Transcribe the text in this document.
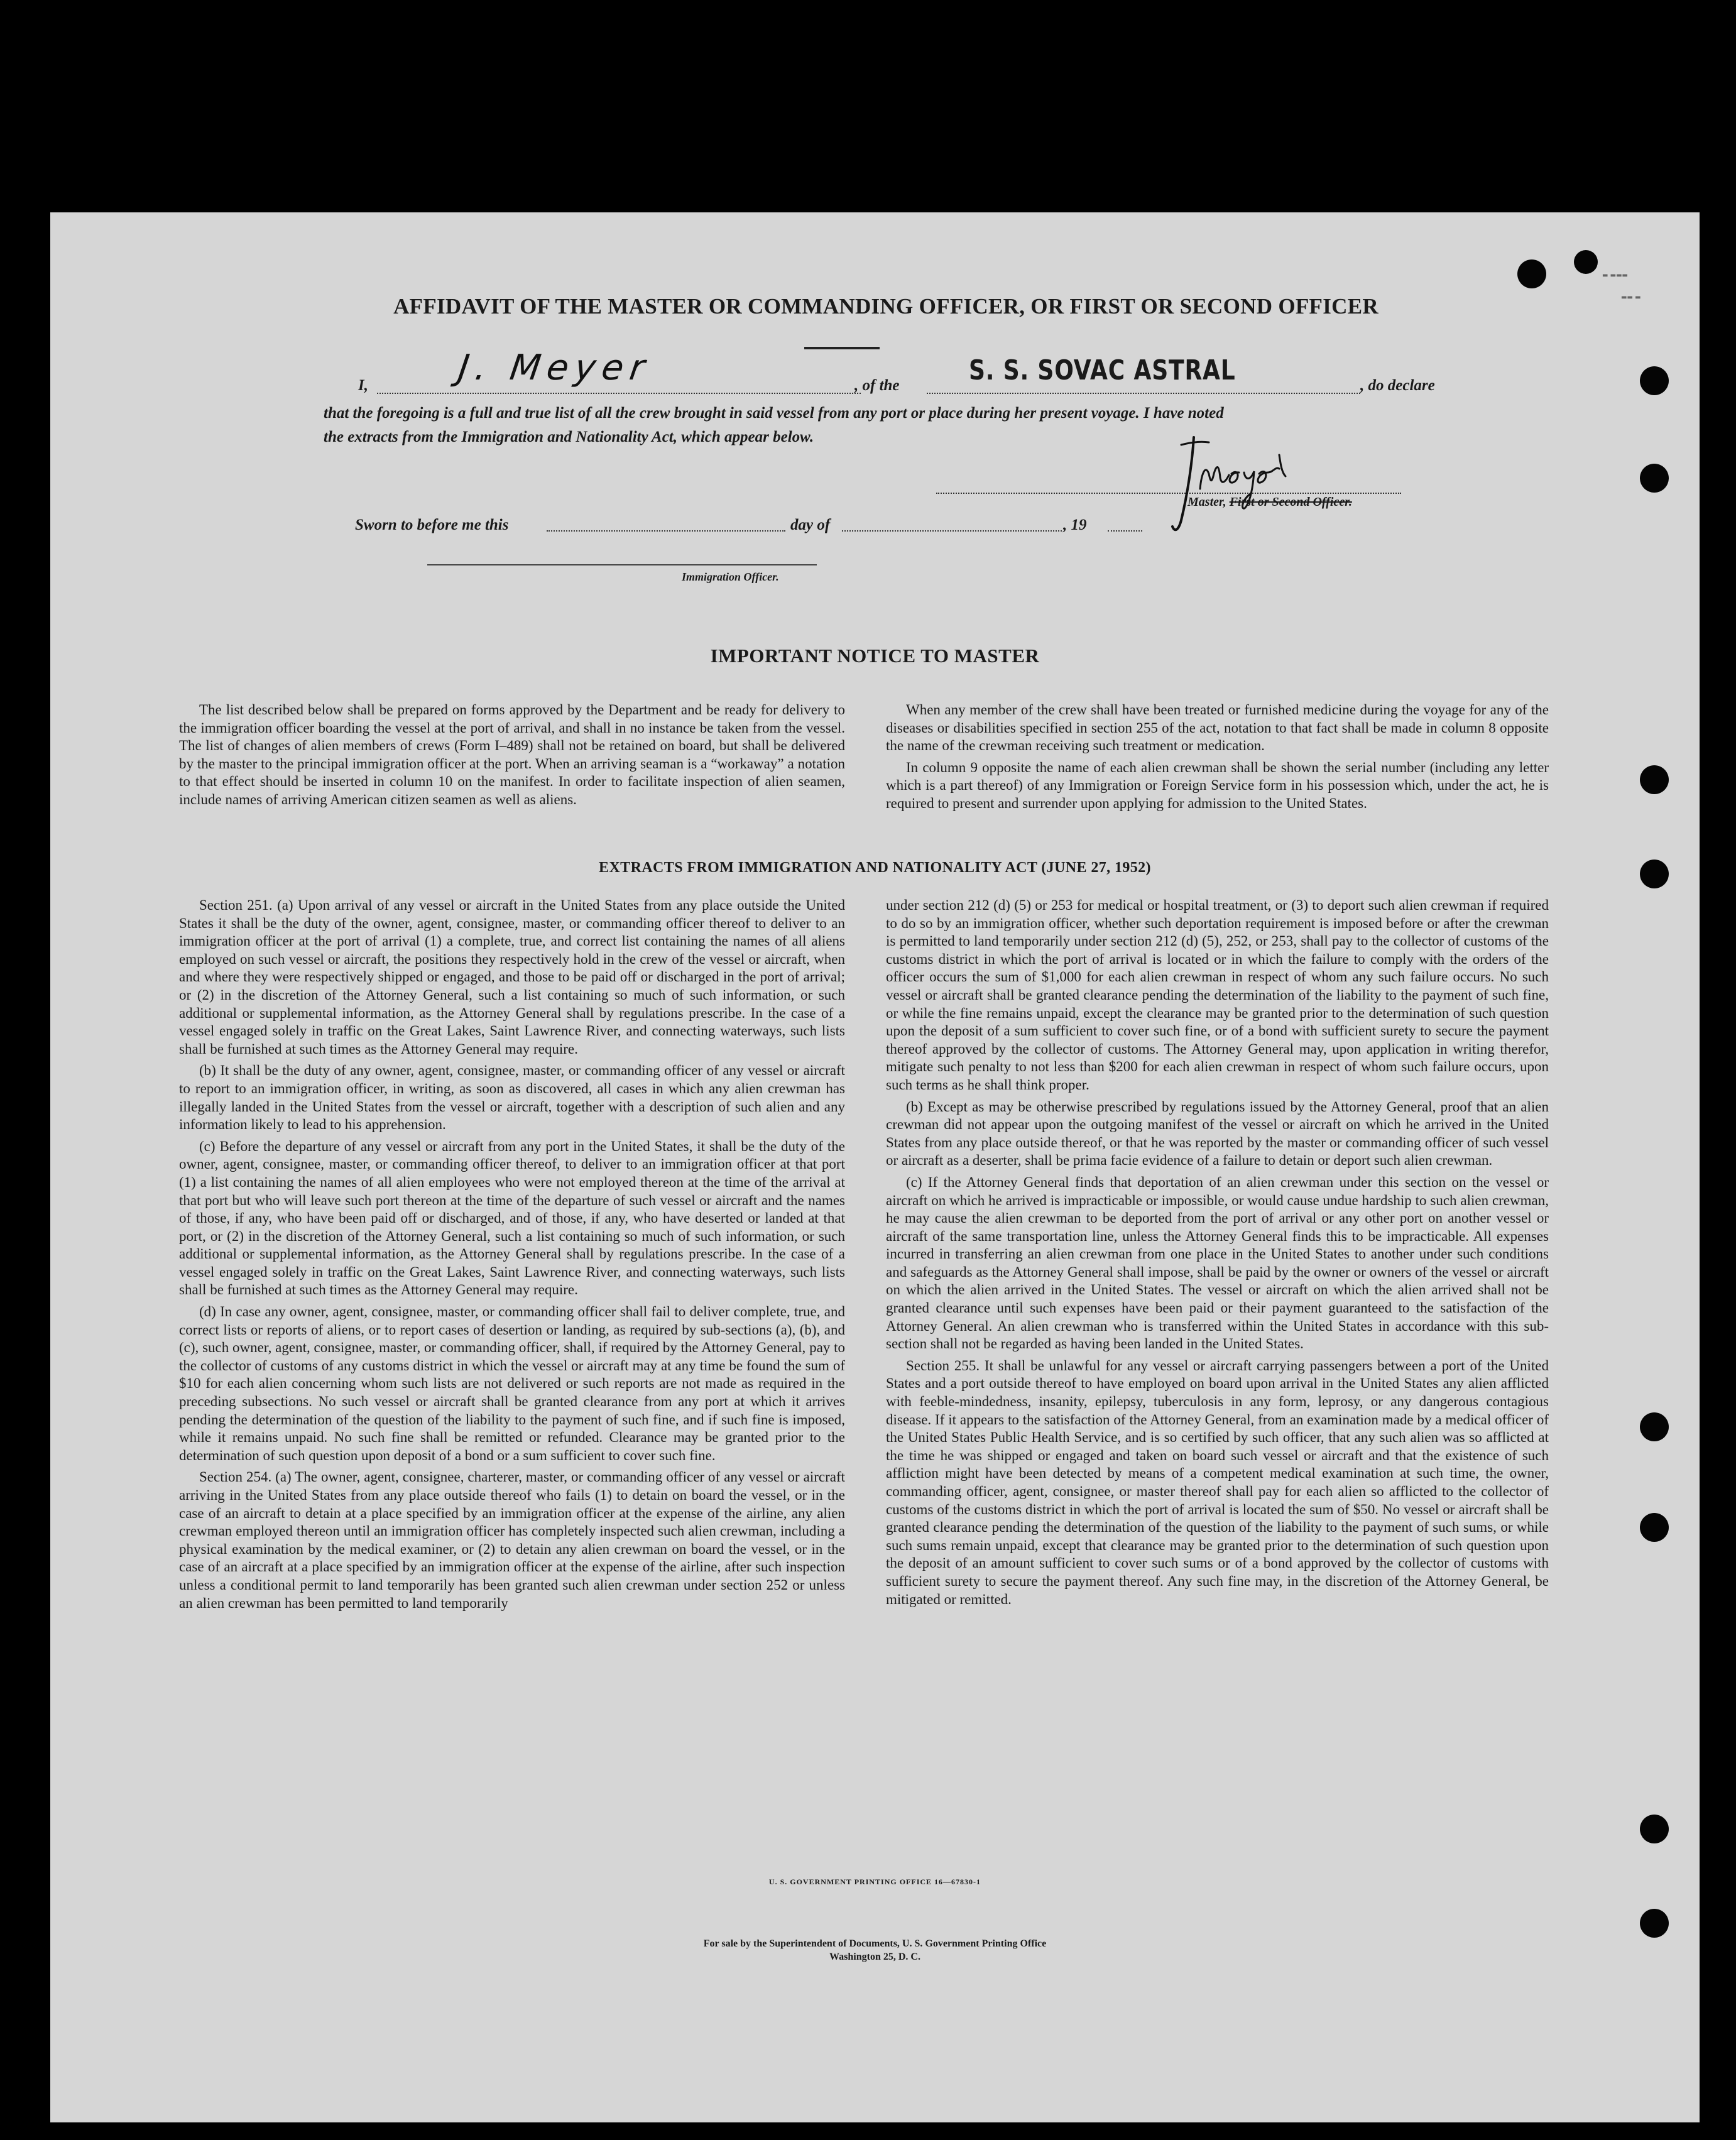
▬ ▬▬▬
▬▬ ▬
AFFIDAVIT OF THE MASTER OR COMMANDING OFFICER, OR FIRST OR SECOND OFFICER
I, J. Meyer	, of the	S. S. SOVAC ASTRAL	, do declare
that the foregoing is a full and true list of all the crew brought in said vessel from any port or place during her present voyage. I have noted
the extracts from the Immigration and Nationality Act, which appear below.
Master, First or Second Officer.
Sworn to before me this	day of	, 19
Immigration Officer.
IMPORTANT NOTICE TO MASTER

The list described below shall be prepared on forms approved by the Department and be ready for delivery to the immigration officer boarding the vessel at the port of arrival, and shall in no instance be taken from the vessel. The list of changes of alien members of crews (Form I–489) shall not be retained on board, but shall be delivered by the master to the principal immigration officer at the port. When an arriving seaman is a “workaway” a notation to that effect should be inserted in column 10 on the manifest. In order to facilitate inspection of alien seamen, include names of arriving American citizen seamen as well as aliens.

When any member of the crew shall have been treated or furnished medicine during the voyage for any of the diseases or disabilities specified in section 255 of the act, notation to that fact shall be made in column 8 opposite the name of the crewman receiving such treatment or medication.

In column 9 opposite the name of each alien crewman shall be shown the serial number (including any letter which is a part thereof) of any Immigration or Foreign Service form in his possession which, under the act, he is required to present and surrender upon applying for admission to the United States.

EXTRACTS FROM IMMIGRATION AND NATIONALITY ACT (JUNE 27, 1952)

Section 251. (a) Upon arrival of any vessel or aircraft in the United States from any place outside the United States it shall be the duty of the owner, agent, consignee, master, or commanding officer thereof to deliver to an immigration officer at the port of arrival (1) a complete, true, and correct list containing the names of all aliens employed on such vessel or aircraft, the positions they respectively hold in the crew of the vessel or aircraft, when and where they were respectively shipped or engaged, and those to be paid off or discharged in the port of arrival; or (2) in the discretion of the Attorney General, such a list containing so much of such information, or such additional or supplemental information, as the Attorney General shall by regulations prescribe. In the case of a vessel engaged solely in traffic on the Great Lakes, Saint Lawrence River, and connecting waterways, such lists shall be furnished at such times as the Attorney General may require.

(b) It shall be the duty of any owner, agent, consignee, master, or commanding officer of any vessel or aircraft to report to an immigration officer, in writing, as soon as discovered, all cases in which any alien crewman has illegally landed in the United States from the vessel or aircraft, together with a description of such alien and any information likely to lead to his apprehension.

(c) Before the departure of any vessel or aircraft from any port in the United States, it shall be the duty of the owner, agent, consignee, master, or commanding officer thereof, to deliver to an immigration officer at that port (1) a list containing the names of all alien employees who were not employed thereon at the time of the arrival at that port but who will leave such port thereon at the time of the departure of such vessel or aircraft and the names of those, if any, who have been paid off or discharged, and of those, if any, who have deserted or landed at that port, or (2) in the discretion of the Attorney General, such a list containing so much of such information, or such additional or supplemental information, as the Attorney General shall by regulations prescribe. In the case of a vessel engaged solely in traffic on the Great Lakes, Saint Lawrence River, and connecting waterways, such lists shall be furnished at such times as the Attorney General may require.

(d) In case any owner, agent, consignee, master, or commanding officer shall fail to deliver complete, true, and correct lists or reports of aliens, or to report cases of desertion or landing, as required by sub-sections (a), (b), and (c), such owner, agent, consignee, master, or commanding officer, shall, if required by the Attorney General, pay to the collector of customs of any customs district in which the vessel or aircraft may at any time be found the sum of $10 for each alien concerning whom such lists are not delivered or such reports are not made as required in the preceding subsections. No such vessel or aircraft shall be granted clearance from any port at which it arrives pending the determination of the question of the liability to the payment of such fine, and if such fine is imposed, while it remains unpaid. No such fine shall be remitted or refunded. Clearance may be granted prior to the determination of such question upon deposit of a bond or a sum sufficient to cover such fine.

Section 254. (a) The owner, agent, consignee, charterer, master, or commanding officer of any vessel or aircraft arriving in the United States from any place outside thereof who fails (1) to detain on board the vessel, or in the case of an aircraft to detain at a place specified by an immigration officer at the expense of the airline, any alien crewman employed thereon until an immigration officer has completely inspected such alien crewman, including a physical examination by the medical examiner, or (2) to detain any alien crewman on board the vessel, or in the case of an aircraft at a place specified by an immigration officer at the expense of the airline, after such inspection unless a conditional permit to land temporarily has been granted such alien crewman under section 252 or unless an alien crewman has been permitted to land temporarily

under section 212 (d) (5) or 253 for medical or hospital treatment, or (3) to deport such alien crewman if required to do so by an immigration officer, whether such deportation requirement is imposed before or after the crewman is permitted to land temporarily under section 212 (d) (5), 252, or 253, shall pay to the collector of customs of the customs district in which the port of arrival is located or in which the failure to comply with the orders of the officer occurs the sum of $1,000 for each alien crewman in respect of whom any such failure occurs. No such vessel or aircraft shall be granted clearance pending the determination of the liability to the payment of such fine, or while the fine remains unpaid, except the clearance may be granted prior to the determination of such question upon the deposit of a sum sufficient to cover such fine, or of a bond with sufficient surety to secure the payment thereof approved by the collector of customs. The Attorney General may, upon application in writing therefor, mitigate such penalty to not less than $200 for each alien crewman in respect of whom such failure occurs, upon such terms as he shall think proper.

(b) Except as may be otherwise prescribed by regulations issued by the Attorney General, proof that an alien crewman did not appear upon the outgoing manifest of the vessel or aircraft on which he arrived in the United States from any place outside thereof, or that he was reported by the master or commanding officer of such vessel or aircraft as a deserter, shall be prima facie evidence of a failure to detain or deport such alien crewman.

(c) If the Attorney General finds that deportation of an alien crewman under this section on the vessel or aircraft on which he arrived is impracticable or impossible, or would cause undue hardship to such alien crewman, he may cause the alien crewman to be deported from the port of arrival or any other port on another vessel or aircraft of the same transportation line, unless the Attorney General finds this to be impracticable. All expenses incurred in transferring an alien crewman from one place in the United States to another under such conditions and safeguards as the Attorney General shall impose, shall be paid by the owner or owners of the vessel or aircraft on which the alien arrived in the United States. The vessel or aircraft on which the alien arrived shall not be granted clearance until such expenses have been paid or their payment guaranteed to the satisfaction of the Attorney General. An alien crewman who is transferred within the United States in accordance with this sub-section shall not be regarded as having been landed in the United States.

Section 255. It shall be unlawful for any vessel or aircraft carrying passengers between a port of the United States and a port outside thereof to have employed on board upon arrival in the United States any alien afflicted with feeble-mindedness, insanity, epilepsy, tuberculosis in any form, leprosy, or any dangerous contagious disease. If it appears to the satisfaction of the Attorney General, from an examination made by a medical officer of the United States Public Health Service, and is so certified by such officer, that any such alien was so afflicted at the time he was shipped or engaged and taken on board such vessel or aircraft and that the existence of such affliction might have been detected by means of a competent medical examination at such time, the owner, commanding officer, agent, consignee, or master thereof shall pay for each alien so afflicted to the collector of customs of the customs district in which the port of arrival is located the sum of $50. No vessel or aircraft shall be granted clearance pending the determination of the question of the liability to the payment of such sums, or while such sums remain unpaid, except that clearance may be granted prior to the determination of such question upon the deposit of an amount sufficient to cover such sums or of a bond approved by the collector of customs with sufficient surety to secure the payment thereof. Any such fine may, in the discretion of the Attorney General, be mitigated or remitted.

U. S. GOVERNMENT PRINTING OFFICE 16—67830-1
For sale by the Superintendent of Documents, U. S. Government Printing Office
Washington 25, D. C.
